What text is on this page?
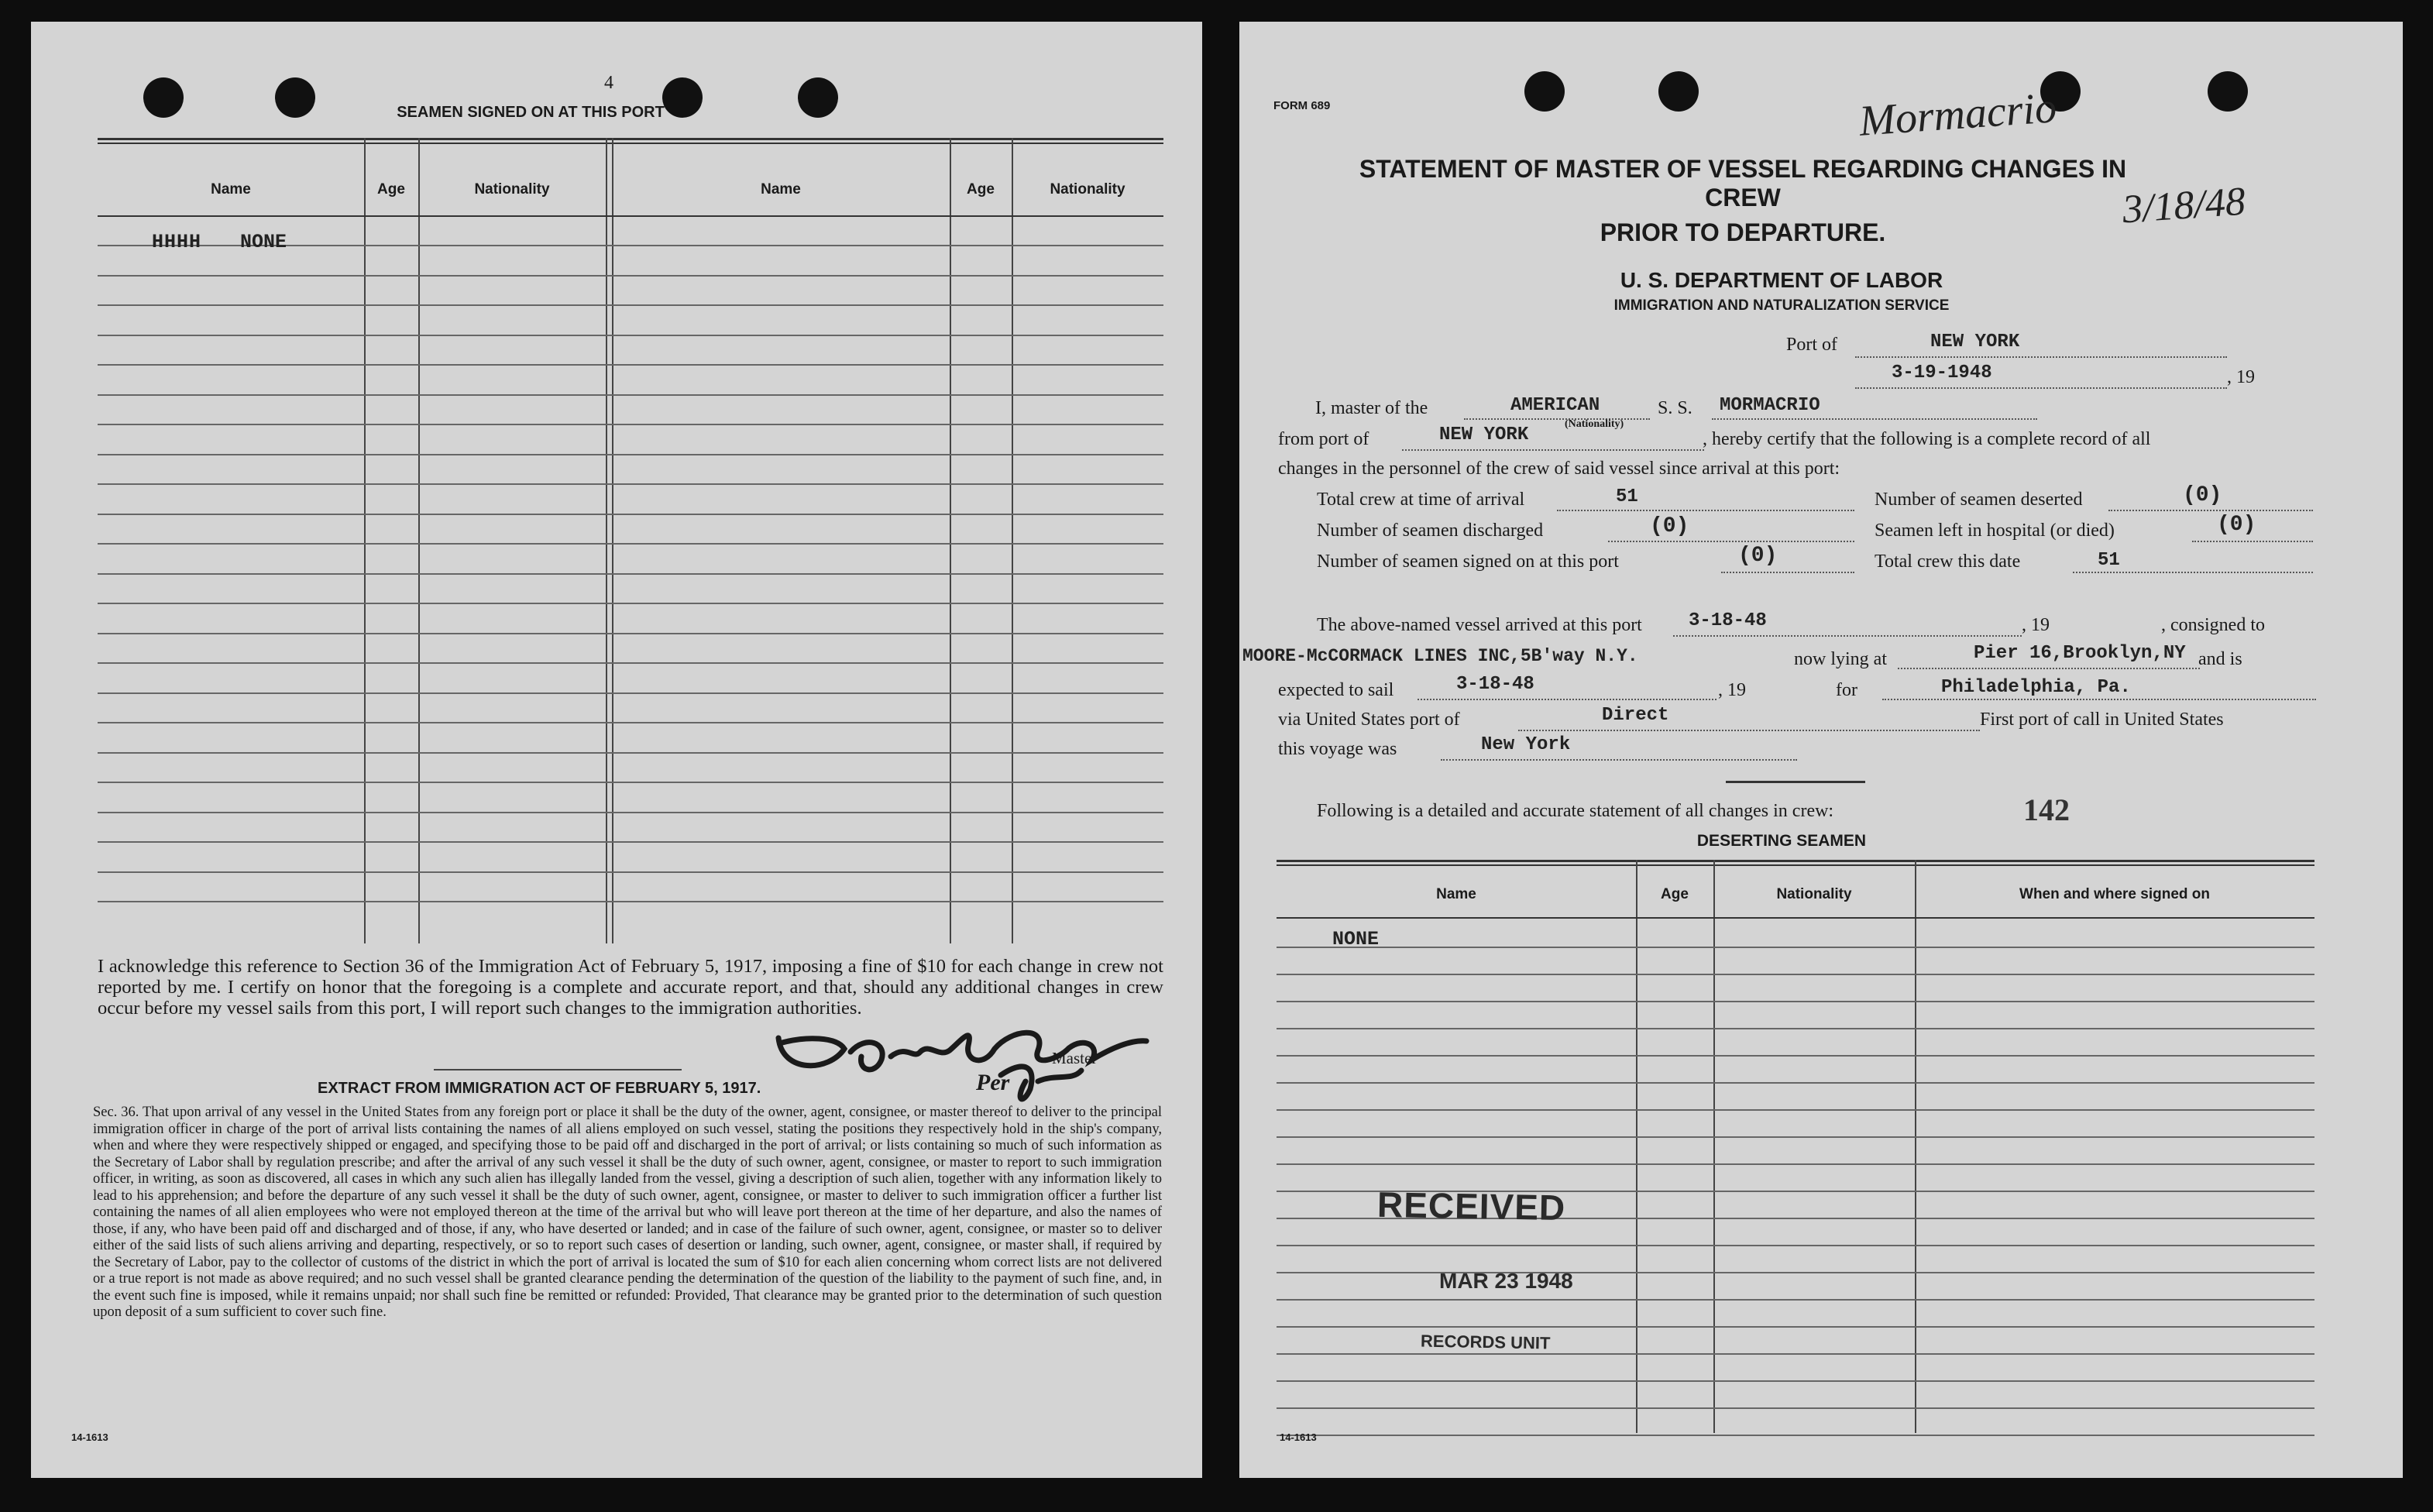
4
SEAMEN SIGNED ON AT THIS PORT
Name	Age	Nationality	Name	Age	Nationality
HHHH NONE
I acknowledge this reference to Section 36 of the Immigration Act of February 5, 1917, imposing a fine of $10 for each change in crew not reported by me. I certify on honor that the foregoing is a complete and accurate report, and that, should any additional changes in crew occur before my vessel sails from this port, I will report such changes to the immigration authorities.
Per
Master
EXTRACT FROM IMMIGRATION ACT OF FEBRUARY 5, 1917.
Sec. 36. That upon arrival of any vessel in the United States from any foreign port or place it shall be the duty of the owner, agent, consignee, or master thereof to deliver to the principal immigration officer in charge of the port of arrival lists containing the names of all aliens employed on such vessel, stating the positions they respectively hold in the ship's company, when and where they were respectively shipped or engaged, and specifying those to be paid off and discharged in the port of arrival; or lists containing so much of such information as the Secretary of Labor shall by regulation prescribe; and after the arrival of any such vessel it shall be the duty of such owner, agent, consignee, or master to report to such immigration officer, in writing, as soon as discovered, all cases in which any such alien has illegally landed from the vessel, giving a description of such alien, together with any information likely to lead to his apprehension; and before the departure of any such vessel it shall be the duty of such owner, agent, consignee, or master to deliver to such immigration officer a further list containing the names of all alien employees who were not employed thereon at the time of the arrival but who will leave port thereon at the time of her departure, and also the names of those, if any, who have been paid off and discharged and of those, if any, who have deserted or landed; and in case of the failure of such owner, agent, consignee, or master so to deliver either of the said lists of such aliens arriving and departing, respectively, or so to report such cases of desertion or landing, such owner, agent, consignee, or master shall, if required by the Secretary of Labor, pay to the collector of customs of the district in which the port of arrival is located the sum of $10 for each alien concerning whom correct lists are not delivered or a true report is not made as above required; and no such vessel shall be granted clearance pending the determination of the question of the liability to the payment of such fine, and, in the event such fine is imposed, while it remains unpaid; nor shall such fine be remitted or refunded: Provided, That clearance may be granted prior to the determination of such question upon deposit of a sum sufficient to cover such fine.
14-1613
FORM 689	Mormacrio
3/18/48
STATEMENT OF MASTER OF VESSEL REGARDING CHANGES IN CREW
PRIOR TO DEPARTURE.
U. S. DEPARTMENT OF LABOR
IMMIGRATION AND NATURALIZATION SERVICE
Port of	NEW YORK
3-19-1948	, 19
I, master of the	AMERICAN
(Nationality)
S. S. MORMACRIO
from port of	NEW YORK	, hereby certify that the following is a complete record of all
changes in the personnel of the crew of said vessel since arrival at this port:
Total crew at time of arrival	51
Number of seamen discharged	(0)
Number of seamen signed on at this port	(0)
Number of seamen deserted	(0)
Seamen left in hospital (or died)	(0)
Total crew this date	51
The above-named vessel arrived at this port	3-18-48	, 19	, consigned to
MOORE-McCORMACK LINES INC,5B'way N.Y.	now lying at	Pier 16,Brooklyn,NY and is
expected to sail	3-18-48	, 19	for	Philadelphia, Pa.
via United States port of	Direct	First port of call in United States
this voyage was	New York
Following is a detailed and accurate statement of all changes in crew:	142
DESERTING SEAMEN
Name	Age	Nationality	When and where signed on
NONE
RECEIVED
MAR 23 1948
RECORDS UNIT
14-1613
